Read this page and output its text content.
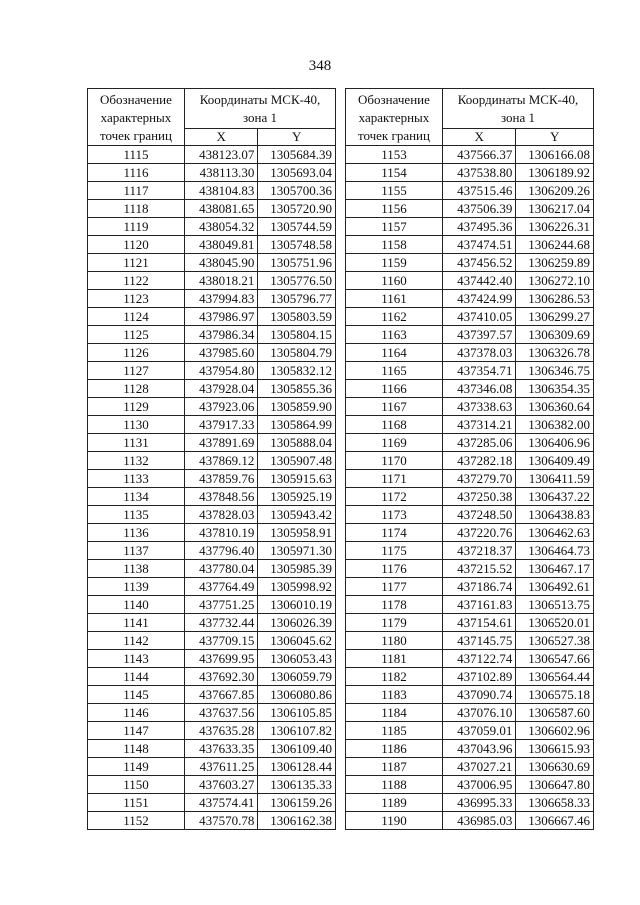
348
Обозначение
характерных
точек границ	Координаты МСК-40,
зона 1	
	X	Y
1115	438123.07	1305684.39
1116	438113.30	1305693.04
1117	438104.83	1305700.36
1118	438081.65	1305720.90
1119	438054.32	1305744.59
1120	438049.81	1305748.58
1121	438045.90	1305751.96
1122	438018.21	1305776.50
1123	437994.83	1305796.77
1124	437986.97	1305803.59
1125	437986.34	1305804.15
1126	437985.60	1305804.79
1127	437954.80	1305832.12
1128	437928.04	1305855.36
1129	437923.06	1305859.90
1130	437917.33	1305864.99
1131	437891.69	1305888.04
1132	437869.12	1305907.48
1133	437859.76	1305915.63
1134	437848.56	1305925.19
1135	437828.03	1305943.42
1136	437810.19	1305958.91
1137	437796.40	1305971.30
1138	437780.04	1305985.39
1139	437764.49	1305998.92
1140	437751.25	1306010.19
1141	437732.44	1306026.39
1142	437709.15	1306045.62
1143	437699.95	1306053.43
1144	437692.30	1306059.79
1145	437667.85	1306080.86
1146	437637.56	1306105.85
1147	437635.28	1306107.82
1148	437633.35	1306109.40
1149	437611.25	1306128.44
1150	437603.27	1306135.33
1151	437574.41	1306159.26
1152	437570.78	1306162.38
Обозначение
характерных
точек границ	Координаты МСК-40,
зона 1	
	X	Y
1153	437566.37	1306166.08
1154	437538.80	1306189.92
1155	437515.46	1306209.26
1156	437506.39	1306217.04
1157	437495.36	1306226.31
1158	437474.51	1306244.68
1159	437456.52	1306259.89
1160	437442.40	1306272.10
1161	437424.99	1306286.53
1162	437410.05	1306299.27
1163	437397.57	1306309.69
1164	437378.03	1306326.78
1165	437354.71	1306346.75
1166	437346.08	1306354.35
1167	437338.63	1306360.64
1168	437314.21	1306382.00
1169	437285.06	1306406.96
1170	437282.18	1306409.49
1171	437279.70	1306411.59
1172	437250.38	1306437.22
1173	437248.50	1306438.83
1174	437220.76	1306462.63
1175	437218.37	1306464.73
1176	437215.52	1306467.17
1177	437186.74	1306492.61
1178	437161.83	1306513.75
1179	437154.61	1306520.01
1180	437145.75	1306527.38
1181	437122.74	1306547.66
1182	437102.89	1306564.44
1183	437090.74	1306575.18
1184	437076.10	1306587.60
1185	437059.01	1306602.96
1186	437043.96	1306615.93
1187	437027.21	1306630.69
1188	437006.95	1306647.80
1189	436995.33	1306658.33
1190	436985.03	1306667.46
